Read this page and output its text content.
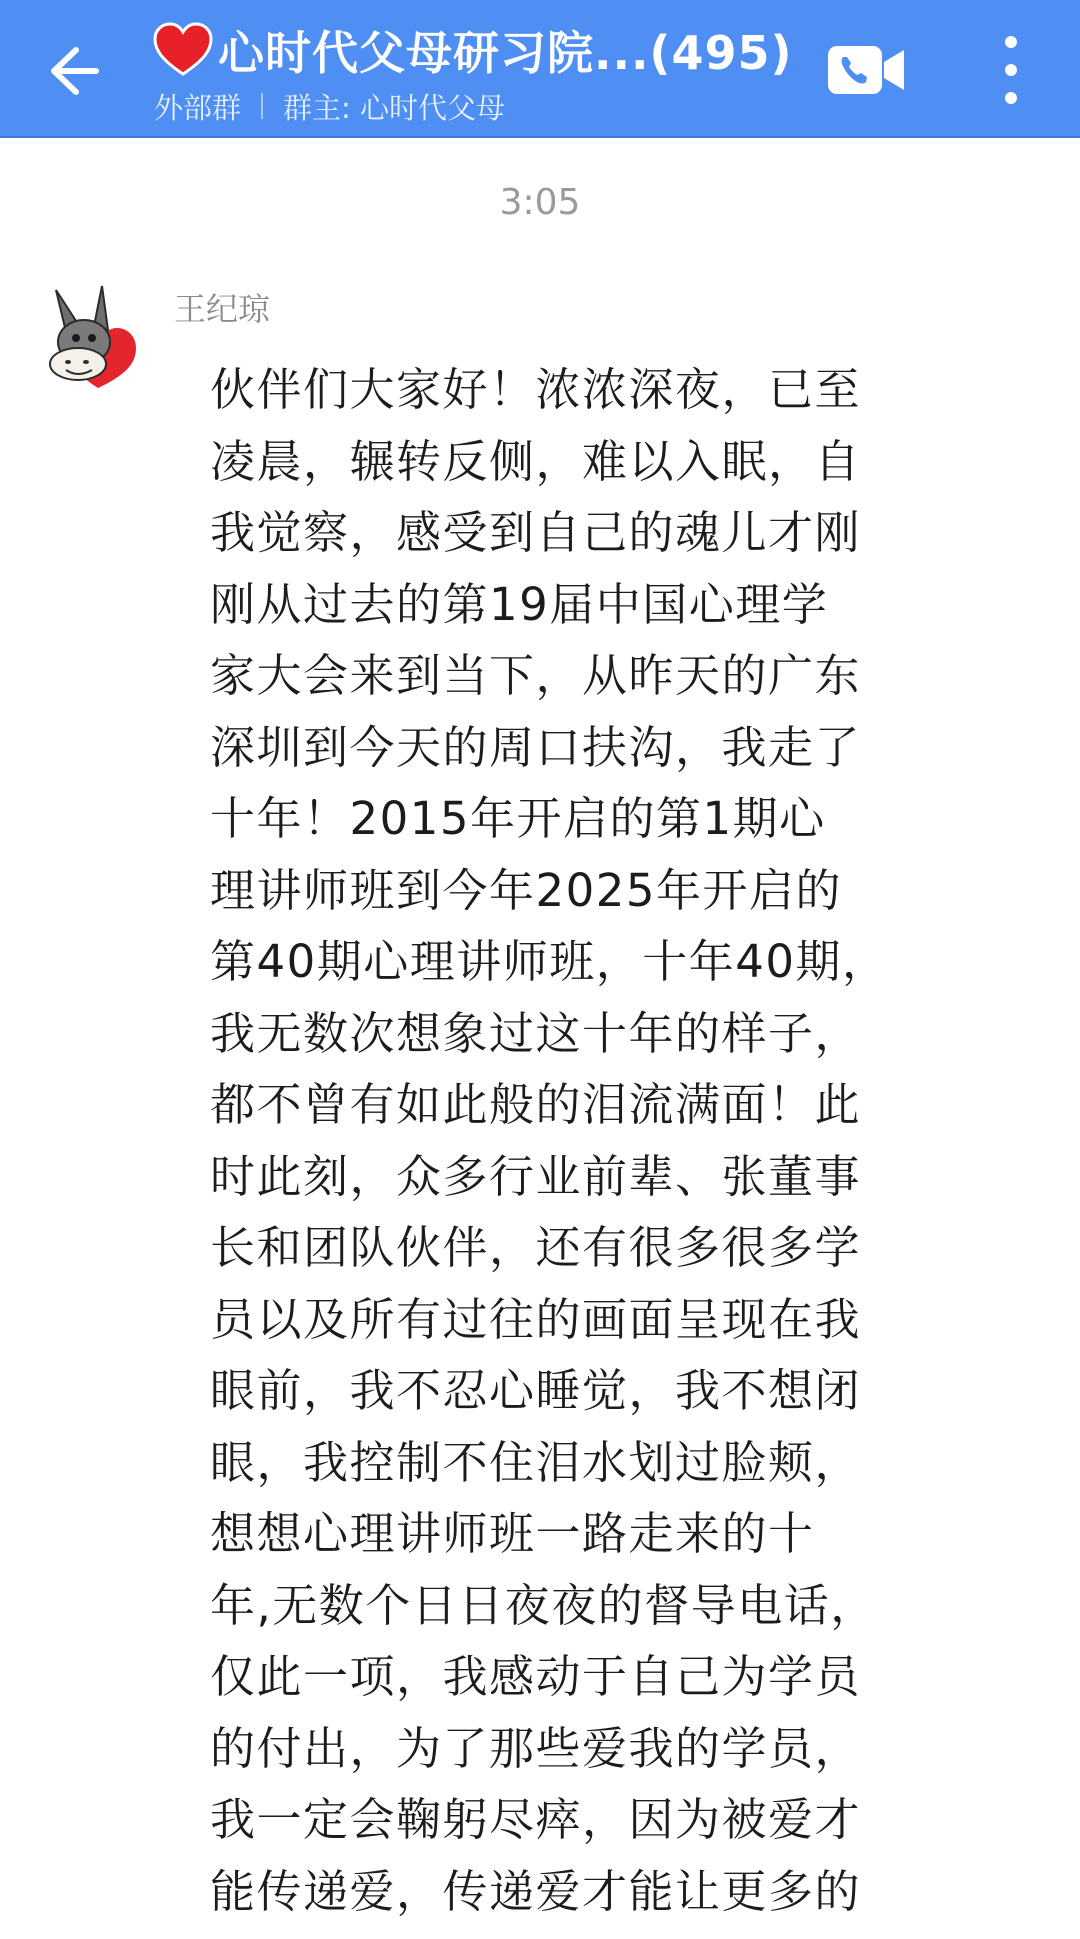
心时代父母研习院...(495)
外部群 群主: 心时代父母
3:05
王纪琼
伙伴们大家好！浓浓深夜，已至
凌晨，辗转反侧，难以入眠，自
我觉察，感受到自己的魂儿才刚
刚从过去的第19届中国心理学
家大会来到当下，从昨天的广东
深圳到今天的周口扶沟，我走了
十年！2015年开启的第1期心
理讲师班到今年2025年开启的
第40期心理讲师班，十年40期，
我无数次想象过这十年的样子，
都不曾有如此般的泪流满面！此
时此刻，众多行业前辈、张董事
长和团队伙伴，还有很多很多学
员以及所有过往的画面呈现在我
眼前，我不忍心睡觉，我不想闭
眼，我控制不住泪水划过脸颊，
想想心理讲师班一路走来的十
年,无数个日日夜夜的督导电话，
仅此一项，我感动于自己为学员
的付出，为了那些爱我的学员，
我一定会鞠躬尽瘁，因为被爱才
能传递爱，传递爱才能让更多的
